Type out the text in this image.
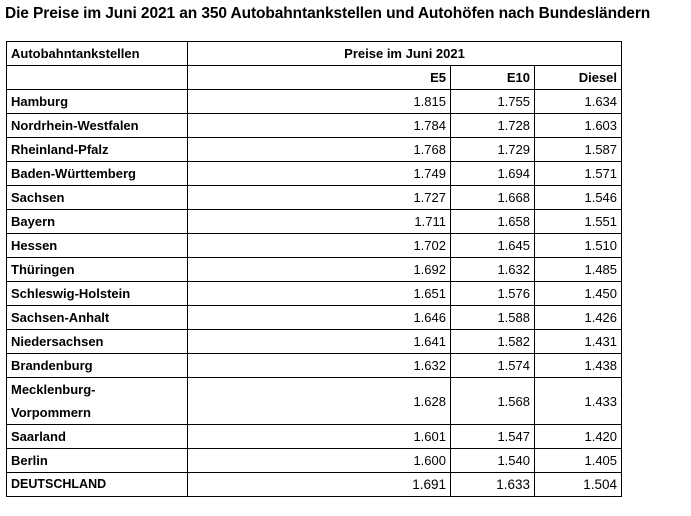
Die Preise im Juni 2021 an 350 Autobahntankstellen und Autohöfen nach Bundesländern
Autobahntankstellen	Preise im Juni 2021		
	E5	E10	Diesel
Hamburg	1.815	1.755	1.634
Nordrhein-Westfalen	1.784	1.728	1.603
Rheinland-Pfalz	1.768	1.729	1.587
Baden-Württemberg	1.749	1.694	1.571
Sachsen	1.727	1.668	1.546
Bayern	1.711	1.658	1.551
Hessen	1.702	1.645	1.510
Thüringen	1.692	1.632	1.485
Schleswig-Holstein	1.651	1.576	1.450
Sachsen-Anhalt	1.646	1.588	1.426
Niedersachsen	1.641	1.582	1.431
Brandenburg	1.632	1.574	1.438
Mecklenburg-
Vorpommern	1.628	1.568	1.433
Saarland	1.601	1.547	1.420
Berlin	1.600	1.540	1.405
DEUTSCHLAND	1.691	1.633	1.504
